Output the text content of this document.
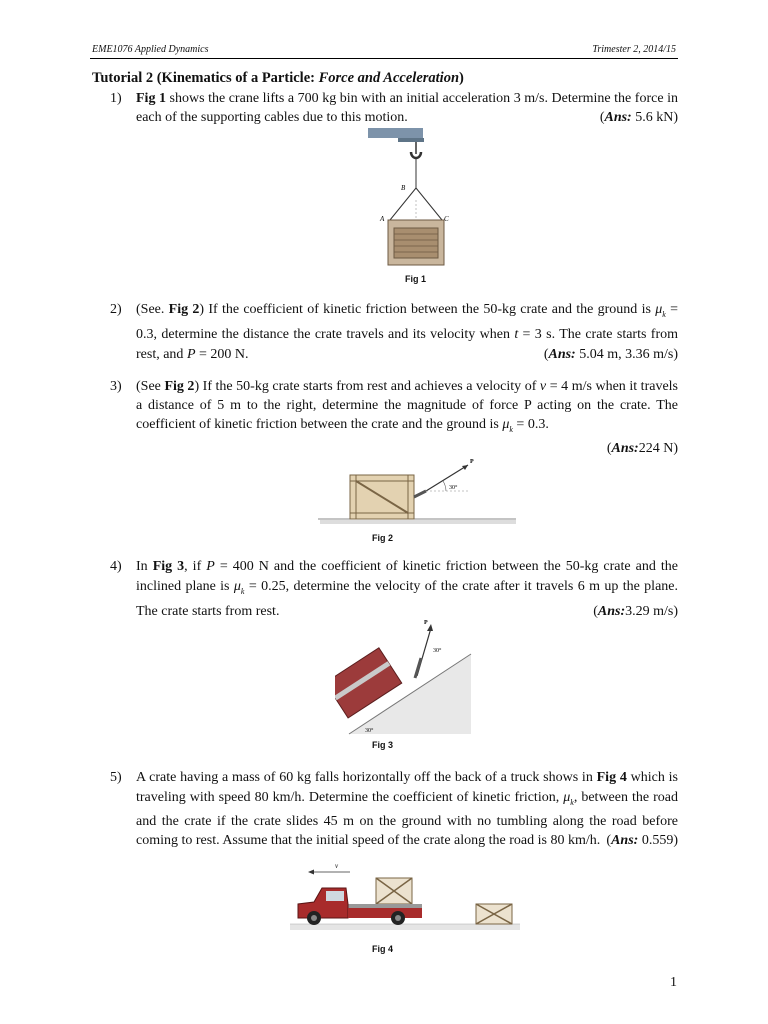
EME1076 Applied Dynamics	Trimester 2, 2014/15
Tutorial 2 (Kinematics of a Particle: Force and Acceleration)
1) Fig 1 shows the crane lifts a 700 kg bin with an initial acceleration 3 m/s. Determine the force in each of the supporting cables due to this motion.	(Ans: 5.6 kN)

B
A	C
Fig 1
2) (See. Fig 2) If the coefficient of kinetic friction between the 50-kg crate and the ground is $\mu_k = 0.3$, determine the distance the crate travels and its velocity when t = 3 s. The crate starts from rest, and P = 200 N.	(Ans: 5.04 m, 3.36 m/s)

3) (See Fig 2) If the 50-kg crate starts from rest and achieves a velocity of v = 4 m/s when it travels a distance of 5 m to the right, determine the magnitude of force P acting on the crate. The coefficient of kinetic friction between the crate and the ground is $\mu_k = 0.3$.

(Ans:224 N)

30°
P
Fig 2
4) In Fig 3, if P = 400 N and the coefficient of kinetic friction between the 50-kg crate and the inclined plane is $\mu_k = 0.25$, determine the velocity of the crate after it travels 6 m up the plane. The crate starts from rest.	(Ans:3.29 m/s)

P
30°
30°
Fig 3
5) A crate having a mass of 60 kg falls horizontally off the back of a truck shows in Fig 4 which is traveling with speed 80 km/h. Determine the coefficient of kinetic friction, $\mu_k$, between the road and the crate if the crate slides 45 m on the ground with no tumbling along the road before coming to rest. Assume that the initial speed of the crate along the road is 80 km/h. (Ans: 0.559)

v
Fig 4
1
